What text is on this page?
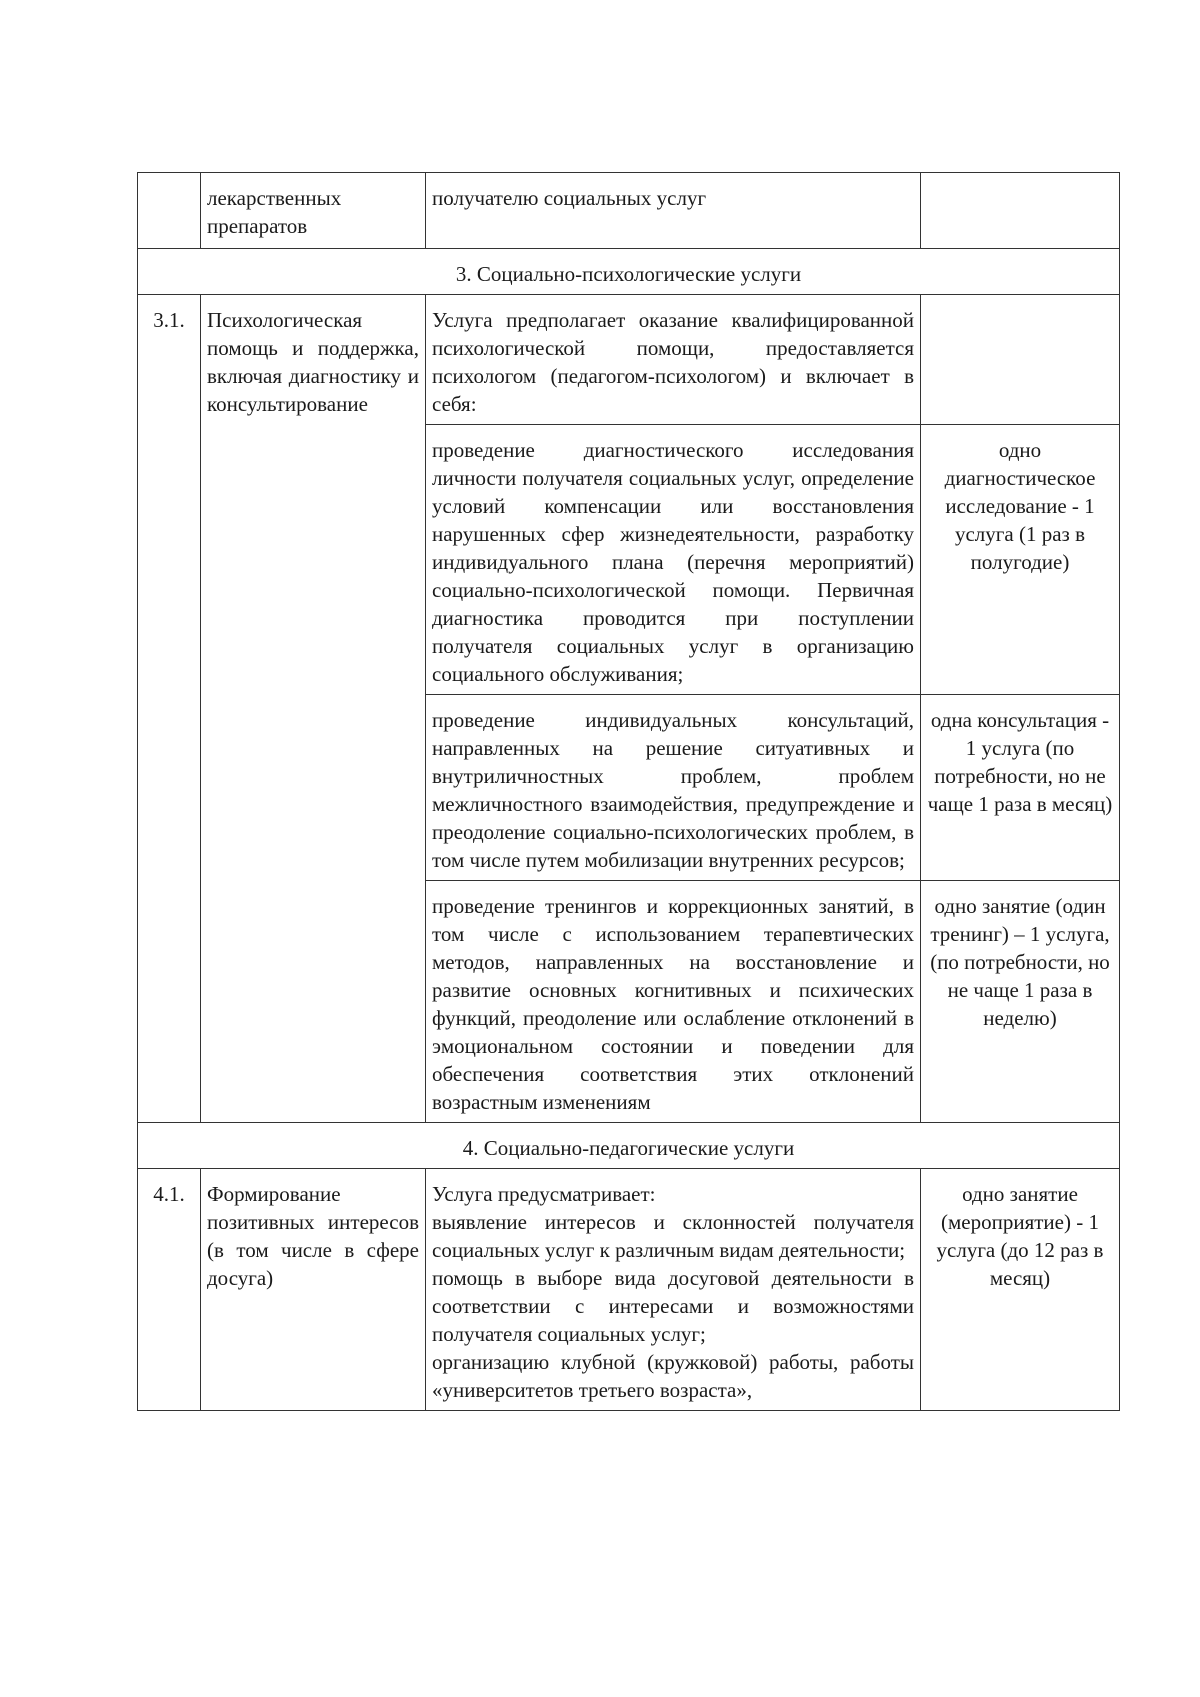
	лекарственных препаратов	получателю социальных услуг	
3. Социально-психологические услуги			
3.1.	Психологическая помощь и поддержка, включая диагностику и консультирование	Услуга предполагает оказание квалифицированной психологической помощи, предоставляется психологом (педагогом-психологом) и включает в себя:	
		проведение диагностического исследования личности получателя социальных услуг, определение условий компенсации или восстановления нарушенных сфер жизнедеятельности, разработку индивидуального плана (перечня мероприятий) социально-психологической помощи. Первичная диагностика проводится при поступлении получателя социальных услуг в организацию социального обслуживания;	одно диагностическое исследование - 1 услуга (1 раз в полугодие)
		проведение индивидуальных консультаций, направленных на решение ситуативных и внутриличностных проблем, проблем межличностного взаимодействия, предупреждение и преодоление социально-психологических проблем, в том числе путем мобилизации внутренних ресурсов;	одна консультация - 1 услуга (по потребности, но не чаще 1 раза в месяц)
		проведение тренингов и коррекционных занятий, в том числе с использованием терапевтических методов, направленных на восстановление и развитие основных когнитивных и психических функций, преодоление или ослабление отклонений в эмоциональном состоянии и поведении для обеспечения соответствия этих отклонений возрастным изменениям	одно занятие (один тренинг) – 1 услуга, (по потребности, но не чаще 1 раза в неделю)
4. Социально-педагогические услуги			
4.1.	Формирование позитивных интересов (в том числе в сфере досуга)	Услуга предусматривает:
выявление интересов и склонностей получателя социальных услуг к различным видам деятельности;
помощь в выборе вида досуговой деятельности в соответствии с интересами и возможностями получателя социальных услуг;
организацию клубной (кружковой) работы, работы «университетов третьего возраста»,	одно занятие (мероприятие) - 1 услуга (до 12 раз в месяц)
